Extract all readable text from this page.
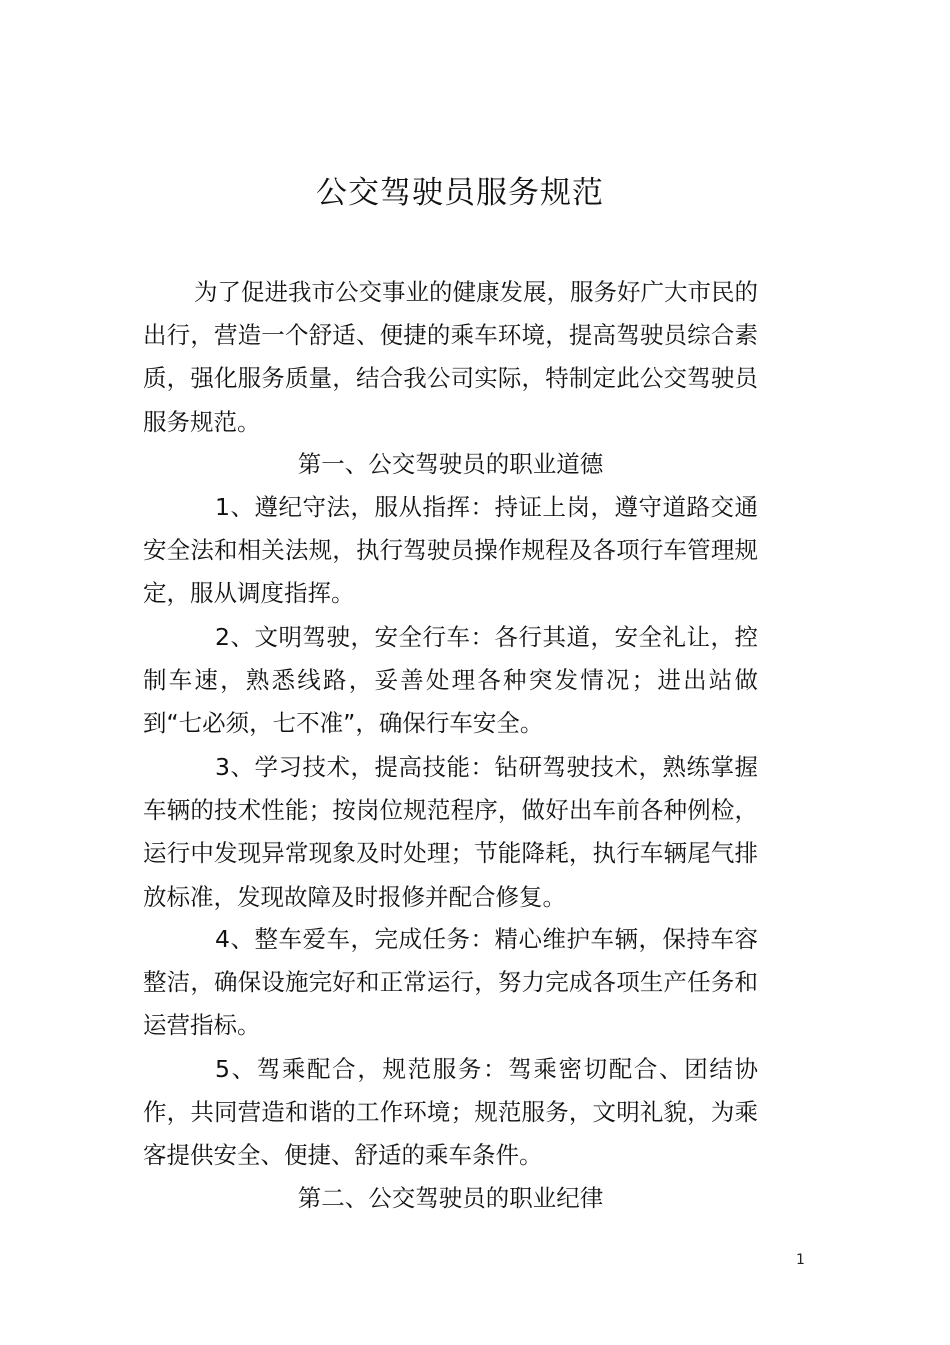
公交驾驶员服务规范

为了促进我市公交事业的健康发展，服务好广大市民的出行，营造一个舒适、便捷的乘车环境，提高驾驶员综合素质，强化服务质量，结合我公司实际，特制定此公交驾驶员服务规范。

第一、公交驾驶员的职业道德

1、遵纪守法，服从指挥：持证上岗，遵守道路交通安全法和相关法规，执行驾驶员操作规程及各项行车管理规定，服从调度指挥。

2、文明驾驶，安全行车：各行其道，安全礼让，控制车速，熟悉线路，妥善处理各种突发情况；进出站做到“七必须，七不准”，确保行车安全。

3、学习技术，提高技能：钻研驾驶技术，熟练掌握车辆的技术性能；按岗位规范程序，做好出车前各种例检，运行中发现异常现象及时处理；节能降耗，执行车辆尾气排放标准，发现故障及时报修并配合修复。

4、整车爱车，完成任务：精心维护车辆，保持车容整洁，确保设施完好和正常运行，努力完成各项生产任务和运营指标。

5、驾乘配合，规范服务：驾乘密切配合、团结协作，共同营造和谐的工作环境；规范服务，文明礼貌，为乘客提供安全、便捷、舒适的乘车条件。

第二、公交驾驶员的职业纪律

1
